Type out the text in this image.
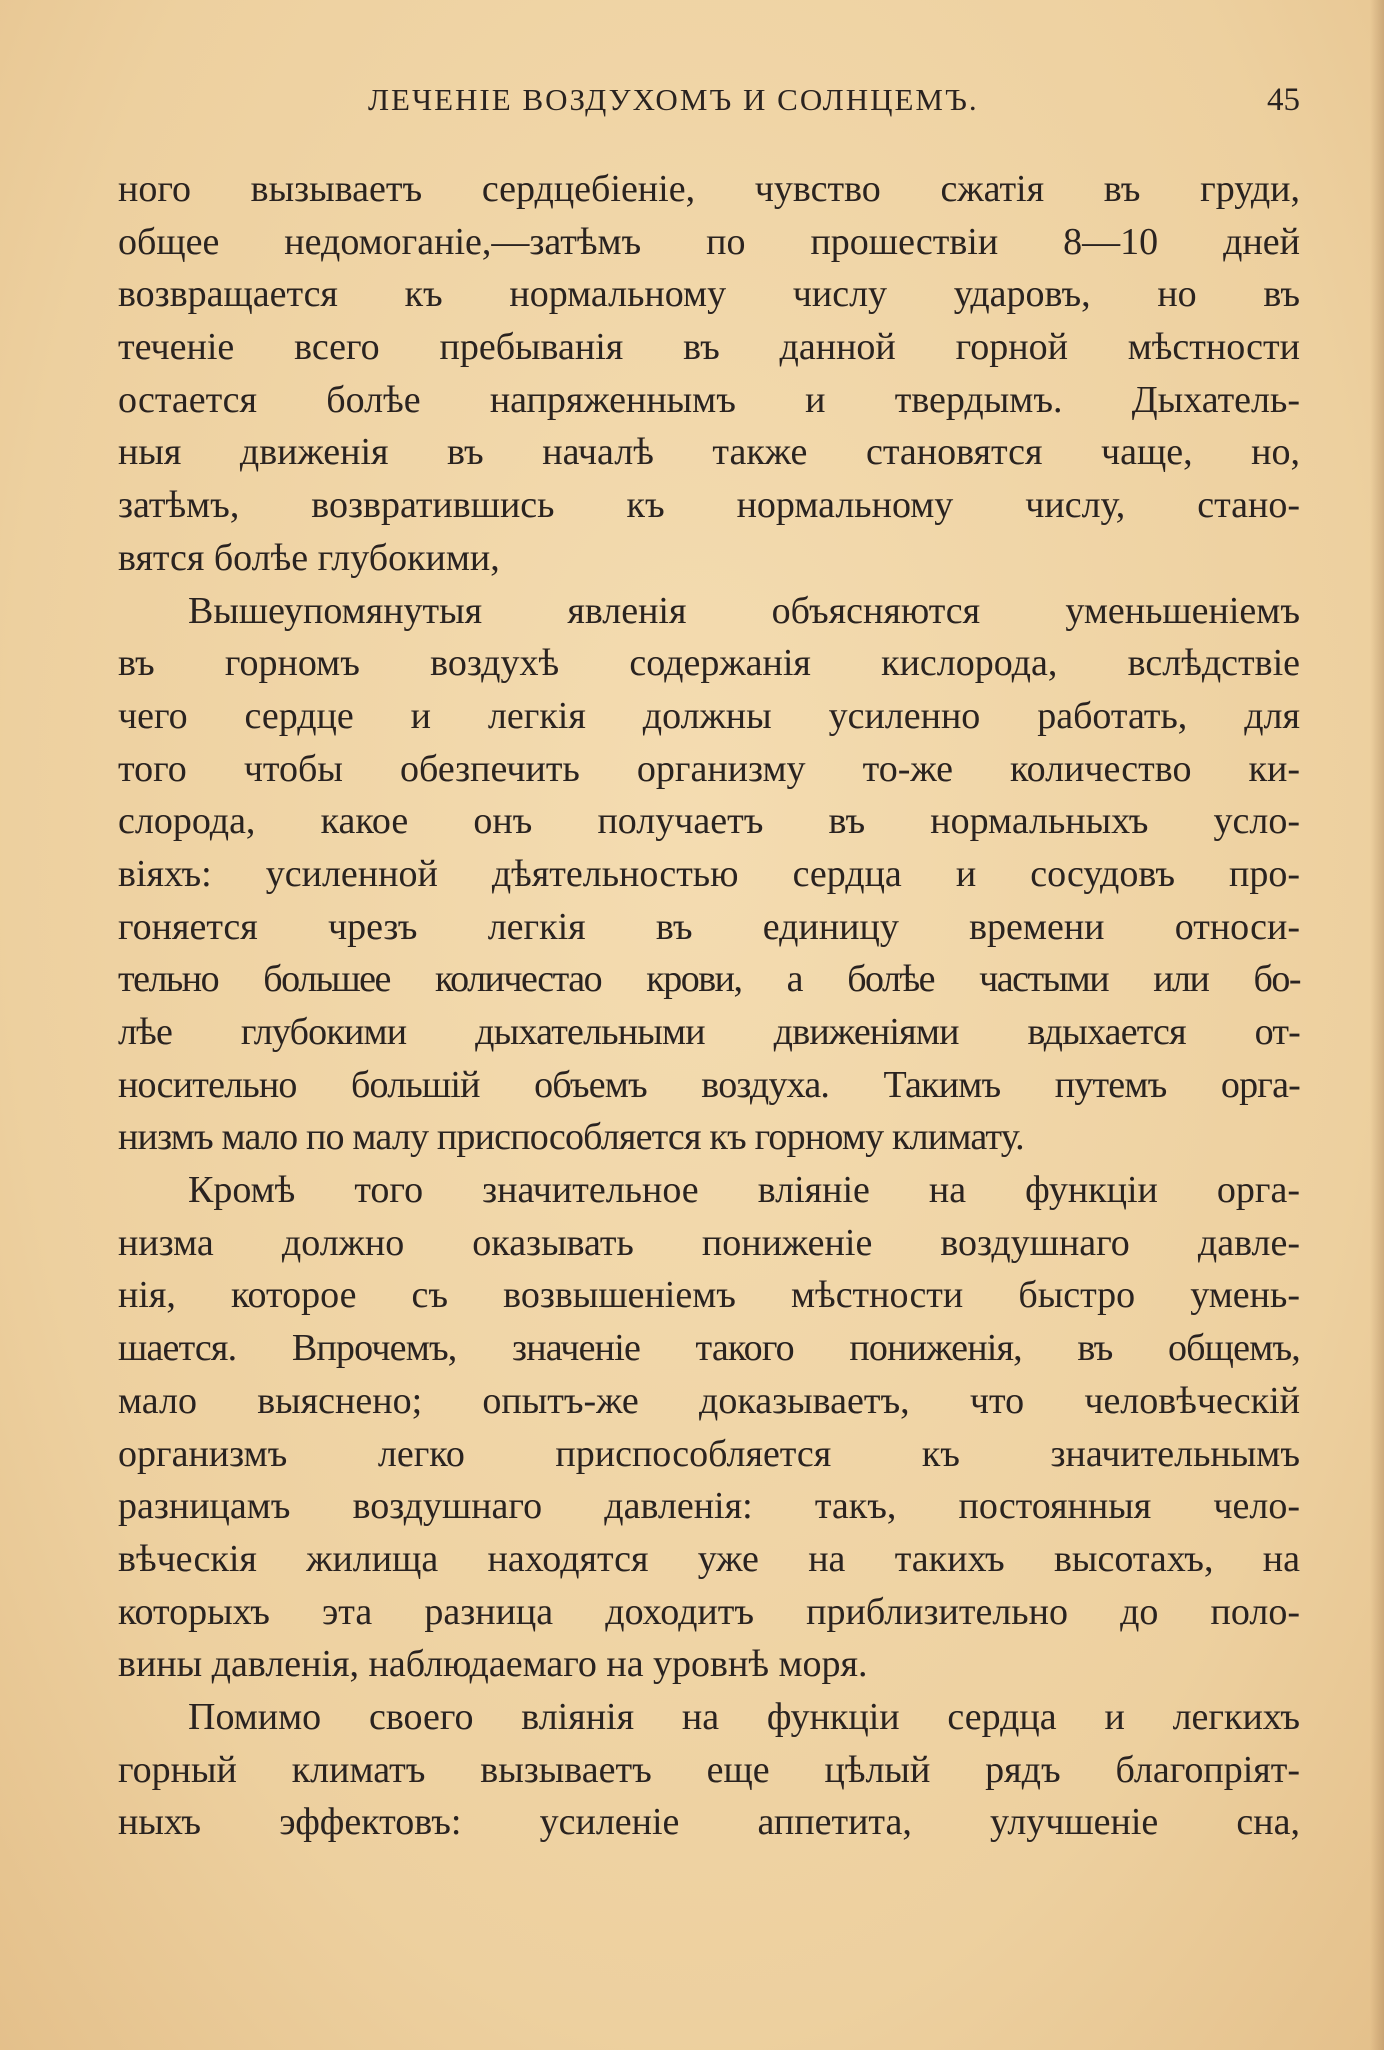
ЛЕЧЕНІЕ ВОЗДУХОМЪ И СОЛНЦЕМЪ.	45
ного вызываетъ сердцебіеніе, чувство сжатія въ груди,
общее недомоганіе,—затѣмъ по прошествіи 8—10 дней
возвращается къ нормальному числу ударовъ, но въ
теченіе всего пребыванія въ данной горной мѣстности
остается болѣе напряженнымъ и твердымъ. Дыхатель-
ныя движенія въ началѣ также становятся чаще, но,
затѣмъ, возвратившись къ нормальному числу, стано-
вятся болѣе глубокими,
Вышеупомянутыя явленія объясняются уменьшеніемъ
въ горномъ воздухѣ содержанія кислорода, вслѣдствіе
чего сердце и легкія должны усиленно работать, для
того чтобы обезпечить организму то-же количество ки-
слорода, какое онъ получаетъ въ нормальныхъ усло-
віяхъ: усиленной дѣятельностью сердца и сосудовъ про-
гоняется чрезъ легкія въ единицу времени относи-
тельно большее количестао крови, а болѣе частыми или бо-
лѣе глубокими дыхательными движеніями вдыхается от-
носительно большій объемъ воздуха. Такимъ путемъ орга-
низмъ мало по малу приспособляется къ горному климату.
Кромѣ того значительное вліяніе на функціи орга-
низма должно оказывать пониженіе воздушнаго давле-
нія, которое съ возвышеніемъ мѣстности быстро умень-
шается. Впрочемъ, значеніе такого пониженія, въ общемъ,
мало выяснено; опытъ-же доказываетъ, что человѣческій
организмъ легко приспособляется къ значительнымъ
разницамъ воздушнаго давленія: такъ, постоянныя чело-
вѣческія жилища находятся уже на такихъ высотахъ, на
которыхъ эта разница доходитъ приблизительно до поло-
вины давленія, наблюдаемаго на уровнѣ моря.
Помимо своего вліянія на функціи сердца и легкихъ
горный климатъ вызываетъ еще цѣлый рядъ благопріят-
ныхъ эффектовъ: усиленіе аппетита, улучшеніе сна,
